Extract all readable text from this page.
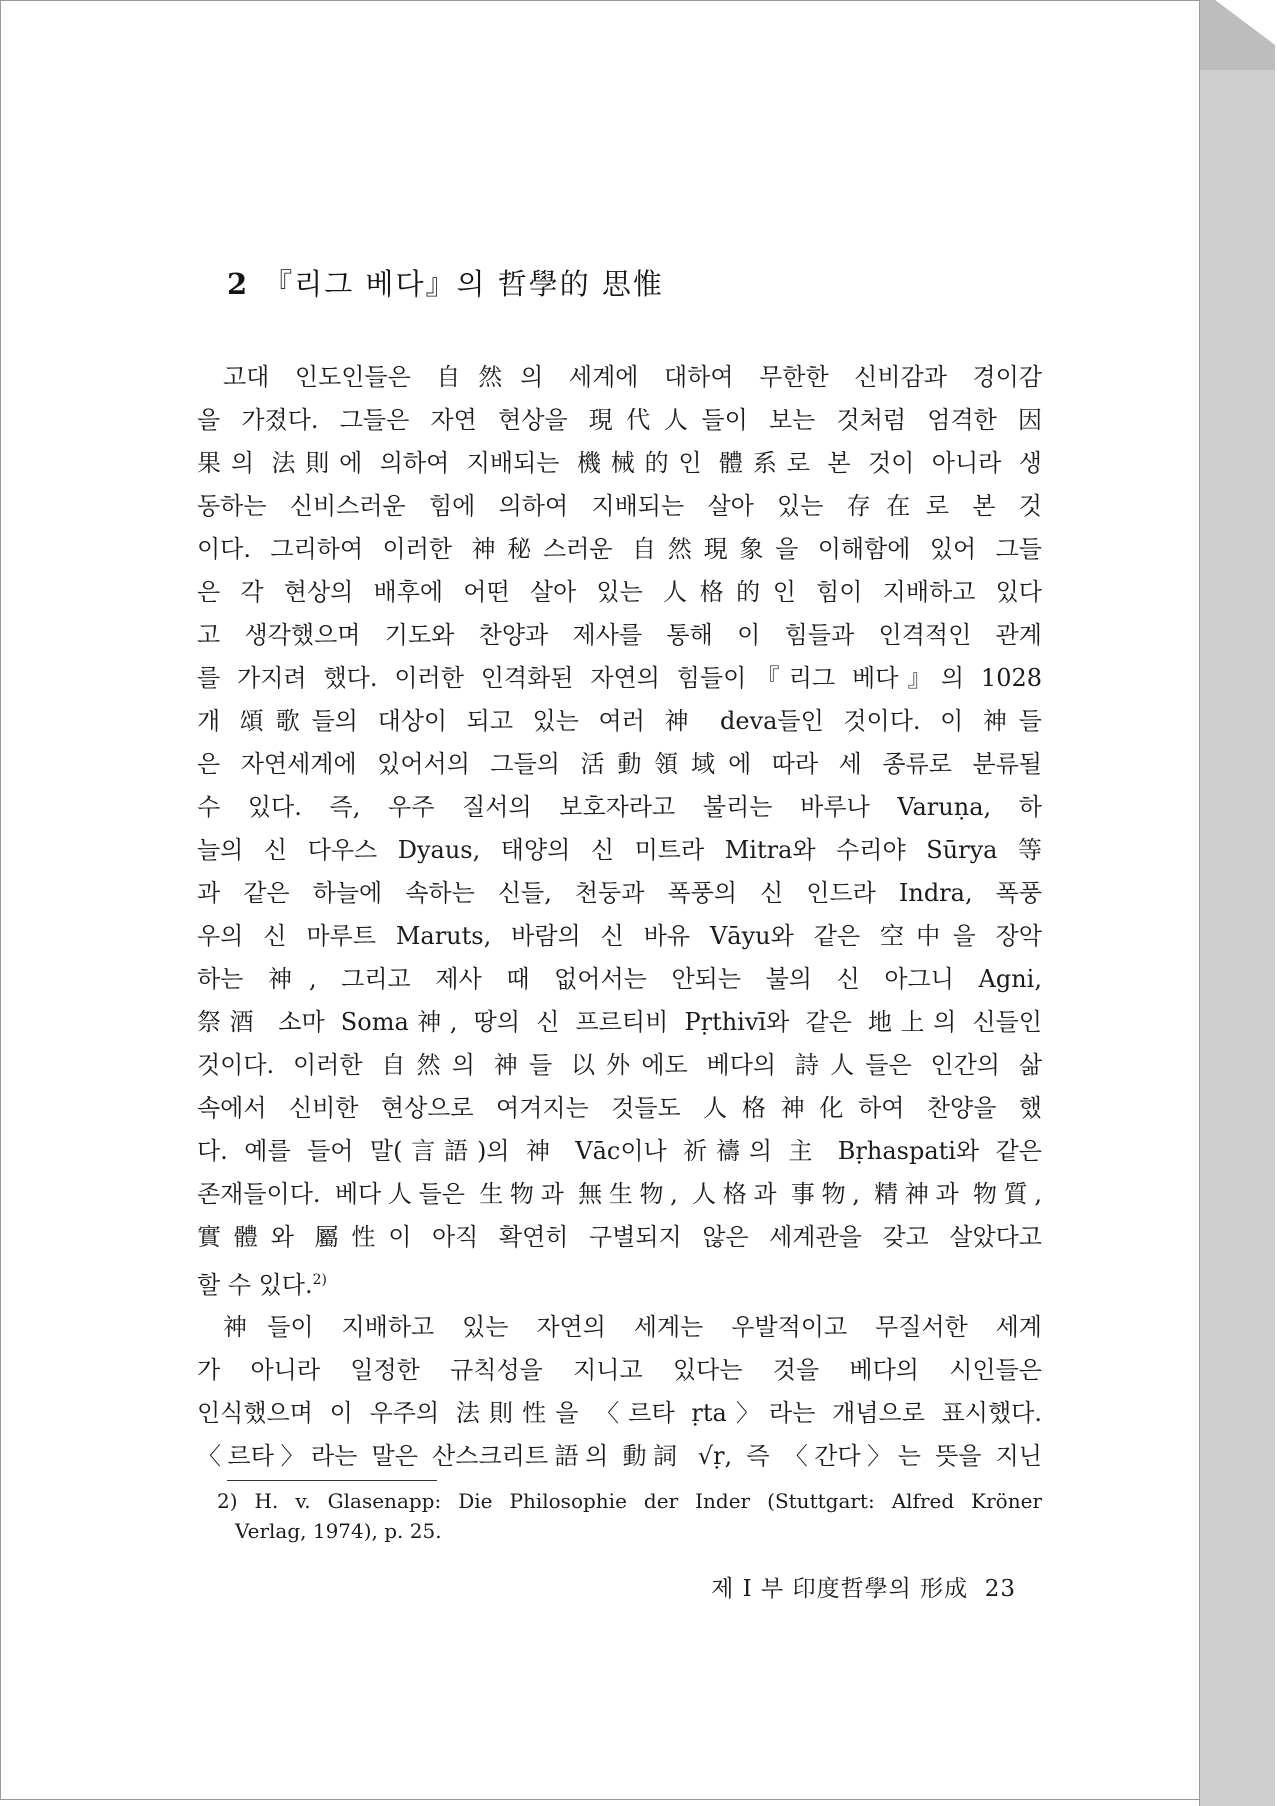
2 『리그 베다』의 哲學的 思惟
고대 인도인들은 自然의 세계에 대하여 무한한 신비감과 경이감
을 가졌다. 그들은 자연 현상을 現代人들이 보는 것처럼 엄격한 因
果의 法則에 의하여 지배되는 機械的인 體系로 본 것이 아니라 생
동하는 신비스러운 힘에 의하여 지배되는 살아 있는 存在로 본 것
이다. 그리하여 이러한 神秘스러운 自然現象을 이해함에 있어 그들
은 각 현상의 배후에 어떤 살아 있는 人格的인 힘이 지배하고 있다
고 생각했으며 기도와 찬양과 제사를 통해 이 힘들과 인격적인 관계
를 가지려 했다. 이러한 인격화된 자연의 힘들이『리그 베다』의 1028
개 頌歌들의 대상이 되고 있는 여러 神 deva들인 것이다. 이 神들
은 자연세계에 있어서의 그들의 活動領域에 따라 세 종류로 분류될
수 있다. 즉, 우주 질서의 보호자라고 불리는 바루나 Varuṇa, 하
늘의 신 다우스 Dyaus, 태양의 신 미트라 Mitra와 수리야 Sūrya 等
과 같은 하늘에 속하는 신들, 천둥과 폭풍의 신 인드라 Indra, 폭풍
우의 신 마루트 Maruts, 바람의 신 바유 Vāyu와 같은 空中을 장악
하는 神, 그리고 제사 때 없어서는 안되는 불의 신 아그니 Agni,
祭酒 소마 Soma神, 땅의 신 프르티비 Pṛthivī와 같은 地上의 신들인
것이다. 이러한 自然의 神들 以外에도 베다의 詩人들은 인간의 삶
속에서 신비한 현상으로 여겨지는 것들도 人格神化하여 찬양을 했
다. 예를 들어 말(言語)의 神 Vāc이나 祈禱의 主 Bṛhaspati와 같은
존재들이다. 베다人들은 生物과 無生物, 人格과 事物, 精神과 物質,
實體와 屬性이 아직 확연히 구별되지 않은 세계관을 갖고 살았다고
할 수 있다.$^{2)}$
神들이 지배하고 있는 자연의 세계는 우발적이고 무질서한 세계
가 아니라 일정한 규칙성을 지니고 있다는 것을 베다의 시인들은
인식했으며 이 우주의 法則性을 〈르타 ṛta〉라는 개념으로 표시했다.
2) H. v. Glasenapp: Die Philosophie der Inder (Stuttgart: Alfred Kröner
Verlag, 1974), p. 25.
제 I 부 印度哲學의 形成 23
〈르타〉라는 말은 산스크리트語의 動詞 √ṛ, 즉 〈간다〉는 뜻을 지닌
